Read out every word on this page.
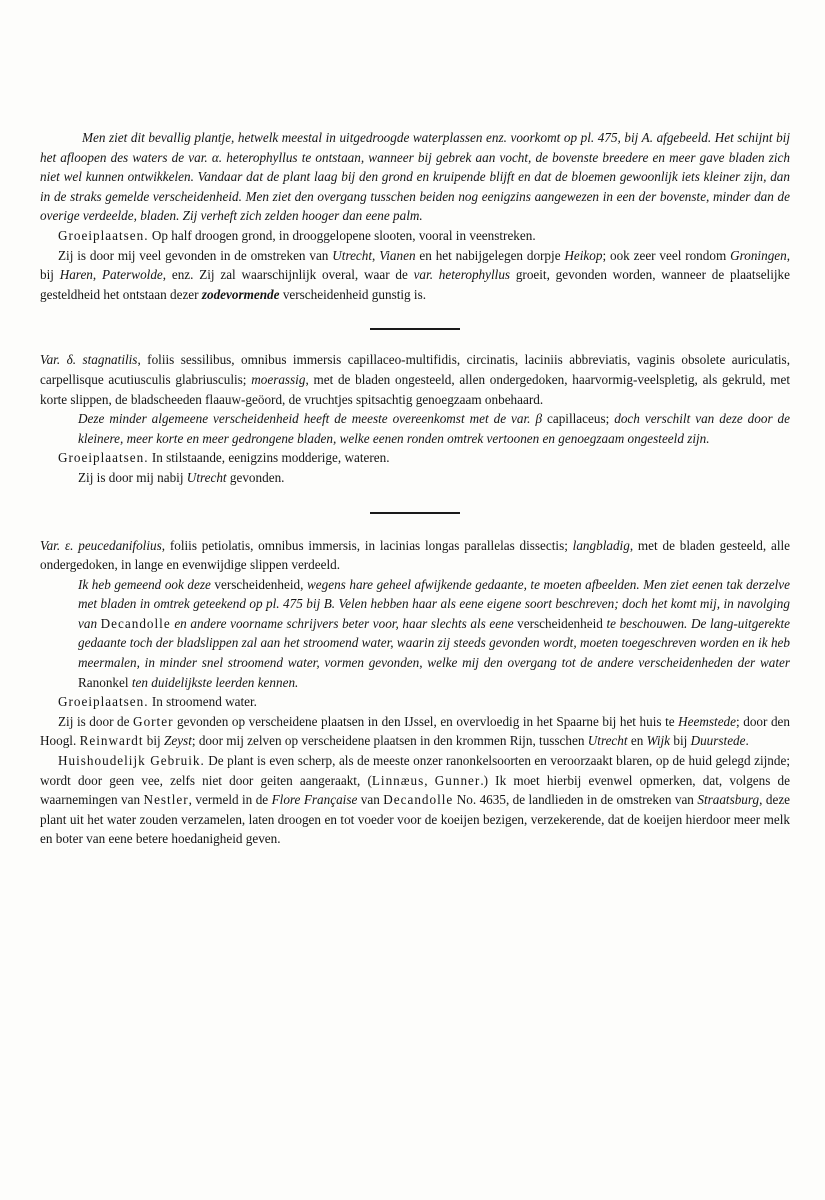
Men ziet dit bevallig plantje, hetwelk meestal in uitgedroogde waterplassen enz. voorkomt op pl. 475, bij A. afgebeeld. Het schijnt bij het afloopen des waters de var. α. heterophyllus te ontstaan, wanneer bij gebrek aan vocht, de bovenste breedere en meer gave bladen zich niet wel kunnen ontwikkelen. Vandaar dat de plant laag bij den grond en kruipende blijft en dat de bloemen gewoonlijk iets kleiner zijn, dan in de straks gemelde verscheidenheid. Men ziet den overgang tusschen beiden nog eenigzins aangewezen in een der bovenste, minder dan de overige verdeelde, bladen. Zij verheft zich zelden hooger dan eene palm.

Groeiplaatsen. Op half droogen grond, in drooggelopene slooten, vooral in veenstreken.

Zij is door mij veel gevonden in de omstreken van Utrecht, Vianen en het nabijgelegen dorpje Heikop; ook zeer veel rondom Groningen, bij Haren, Paterwolde, enz. Zij zal waarschijnlijk overal, waar de var. heterophyllus groeit, gevonden worden, wanneer de plaatselijke gesteldheid het ontstaan dezer zodevormende verscheidenheid gunstig is.

Var. δ. stagnatilis, foliis sessilibus, omnibus immersis capillaceo-multifidis, circinatis, laciniis abbreviatis, vaginis obsolete auriculatis, carpellisque acutiusculis glabriusculis; moerassig, met de bladen ongesteeld, allen ondergedoken, haarvormig-veelspletig, als gekruld, met korte slippen, de bladscheeden flaauw-geöord, de vruchtjes spitsachtig genoegzaam onbehaard.

Deze minder algemeene verscheidenheid heeft de meeste overeenkomst met de var. β capillaceus; doch verschilt van deze door de kleinere, meer korte en meer gedrongene bladen, welke eenen ronden omtrek vertoonen en genoegzaam ongesteeld zijn.

Groeiplaatsen. In stilstaande, eenigzins modderige, wateren.

Zij is door mij nabij Utrecht gevonden.

Var. ε. peucedanifolius, foliis petiolatis, omnibus immersis, in lacinias longas parallelas dissectis; langbladig, met de bladen gesteeld, alle ondergedoken, in lange en evenwijdige slippen verdeeld.

Ik heb gemeend ook deze verscheidenheid, wegens hare geheel afwijkende gedaante, te moeten afbeelden. Men ziet eenen tak derzelve met bladen in omtrek geteekend op pl. 475 bij B. Velen hebben haar als eene eigene soort beschreven; doch het komt mij, in navolging van Decandolle en andere voorname schrijvers beter voor, haar slechts als eene verscheidenheid te beschouwen. De lang-uitgerekte gedaante toch der bladslippen zal aan het stroomend water, waarin zij steeds gevonden wordt, moeten toegeschreven worden en ik heb meermalen, in minder snel stroomend water, vormen gevonden, welke mij den overgang tot de andere verscheidenheden der water Ranonkel ten duidelijkste leerden kennen.

Groeiplaatsen. In stroomend water.

Zij is door de Gorter gevonden op verscheidene plaatsen in den IJssel, en overvloedig in het Spaarne bij het huis te Heemstede; door den Hoogl. Reinwardt bij Zeyst; door mij zelven op verscheidene plaatsen in den krommen Rijn, tusschen Utrecht en Wijk bij Duurstede.

Huishoudelijk Gebruik. De plant is even scherp, als de meeste onzer ranonkelsoorten en veroorzaakt blaren, op de huid gelegd zijnde; wordt door geen vee, zelfs niet door geiten aangeraakt, (Linnæus, Gunner.) Ik moet hierbij evenwel opmerken, dat, volgens de waarnemingen van Nestler, vermeld in de Flore Française van Decandolle No. 4635, de landlieden in de omstreken van Straatsburg, deze plant uit het water zouden verzamelen, laten droogen en tot voeder voor de koeijen bezigen, verzekerende, dat de koeijen hierdoor meer melk en boter van eene betere hoedanigheid geven.
